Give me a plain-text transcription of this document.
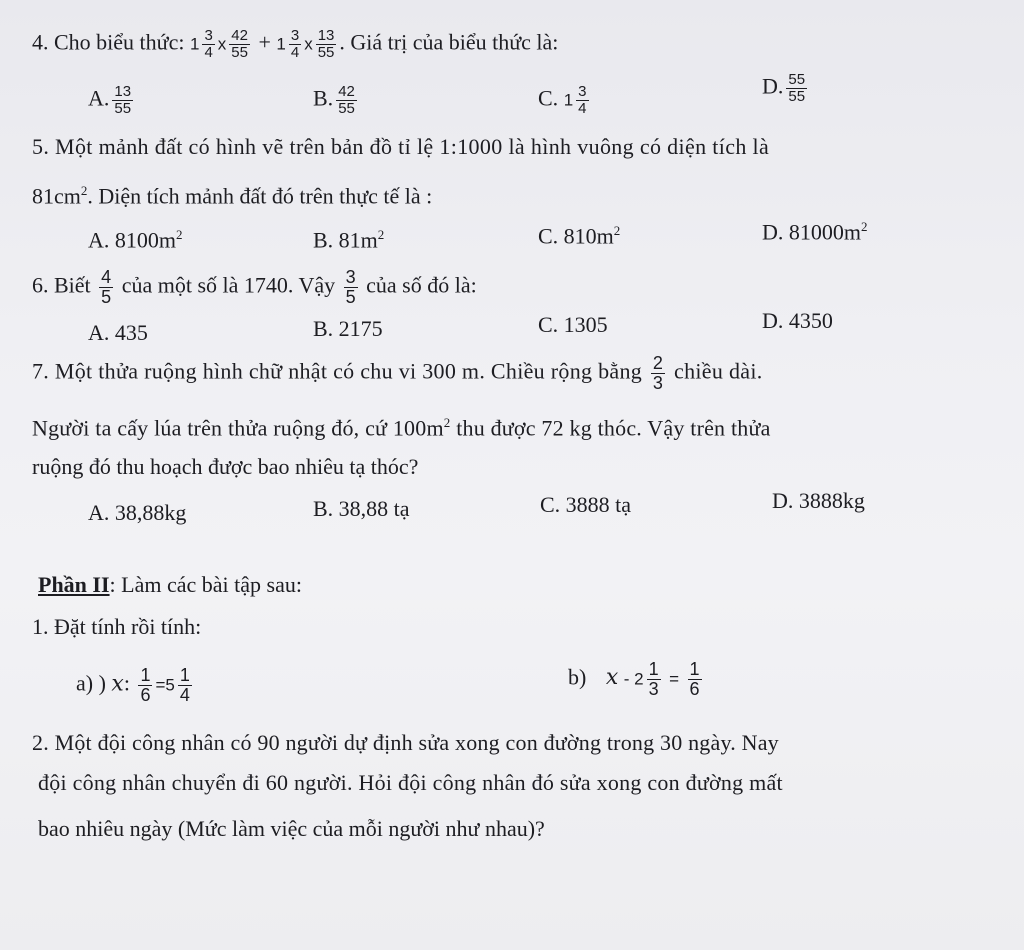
4. Cho biểu thức: $1 \frac{3}{4}$ x $\frac{42}{55} + 1 \frac{3}{4}$ x $\frac{13}{55}$ . Giá trị của biểu thức là:
A. $\frac{13}{55}$	B. $\frac{42}{55}$	C. $1 \frac{3}{4}$	D. $\frac{55}{55}$
5. Một mảnh đất có hình vẽ trên bản đồ tỉ lệ 1:1000 là hình vuông có diện tích là
$81cm^2$. Diện tích mảnh đất đó trên thực tế là :
A. $8100m^2$	B. $81m^2$	C. $810m^2$	D. $81000m^2$
6. Biết $\frac{4}{5}$ của một số là 1740. Vậy $\frac{3}{5}$ của số đó là:
A. 435	B. 2175	C. 1305	D. 4350
7. Một thửa ruộng hình chữ nhật có chu vi 300 m. Chiều rộng bằng $\frac{2}{3}$ chiều dài.
Người ta cấy lúa trên thửa ruộng đó, cứ $100m^2$ thu được 72 kg thóc. Vậy trên thửa
ruộng đó thu hoạch được bao nhiêu tạ thóc?
A. 38,88kg	B. 38,88 tạ	C. 3888 tạ	D. 3888kg
Phần II: Làm các bài tập sau:
1. Đặt tính rồi tính:
a) ) x: $\frac{1}{6} =5 \frac{1}{4}$	b) $x - 2 \frac{1}{3} = \frac{1}{6}$
2. Một đội công nhân có 90 người dự định sửa xong con đường trong 30 ngày. Nay
đội công nhân chuyển đi 60 người. Hỏi đội công nhân đó sửa xong con đường mất
bao nhiêu ngày (Mức làm việc của mỗi người như nhau)?
